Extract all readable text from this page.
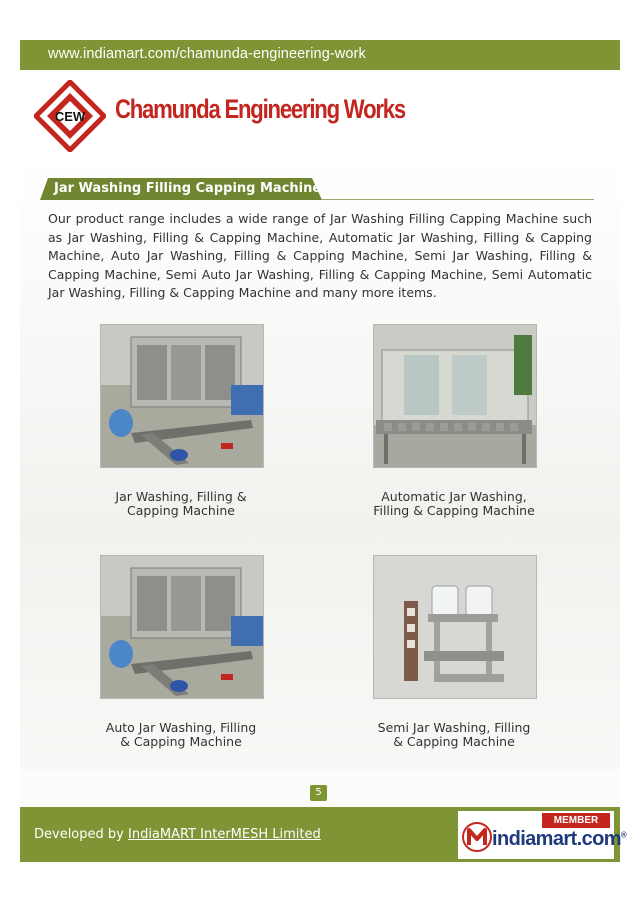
www.indiamart.com/chamunda-engineering-work
CEW Chamunda Engineering Works
Jar Washing Filling Capping Machine:
Our product range includes a wide range of Jar Washing Filling Capping Machine such as Jar Washing, Filling & Capping Machine, Automatic Jar Washing, Filling & Capping Machine, Auto Jar Washing, Filling & Capping Machine, Semi Jar Washing, Filling & Capping Machine, Semi Auto Jar Washing, Filling & Capping Machine, Semi Automatic Jar Washing, Filling & Capping Machine and many more items.
Jar Washing, Filling &
Capping Machine
Automatic Jar Washing,
Filling & Capping Machine
Auto Jar Washing, Filling
& Capping Machine
Semi Jar Washing, Filling
& Capping Machine
5
Developed by IndiaMART InterMESH Limited
MEMBER
indiamart.com®
